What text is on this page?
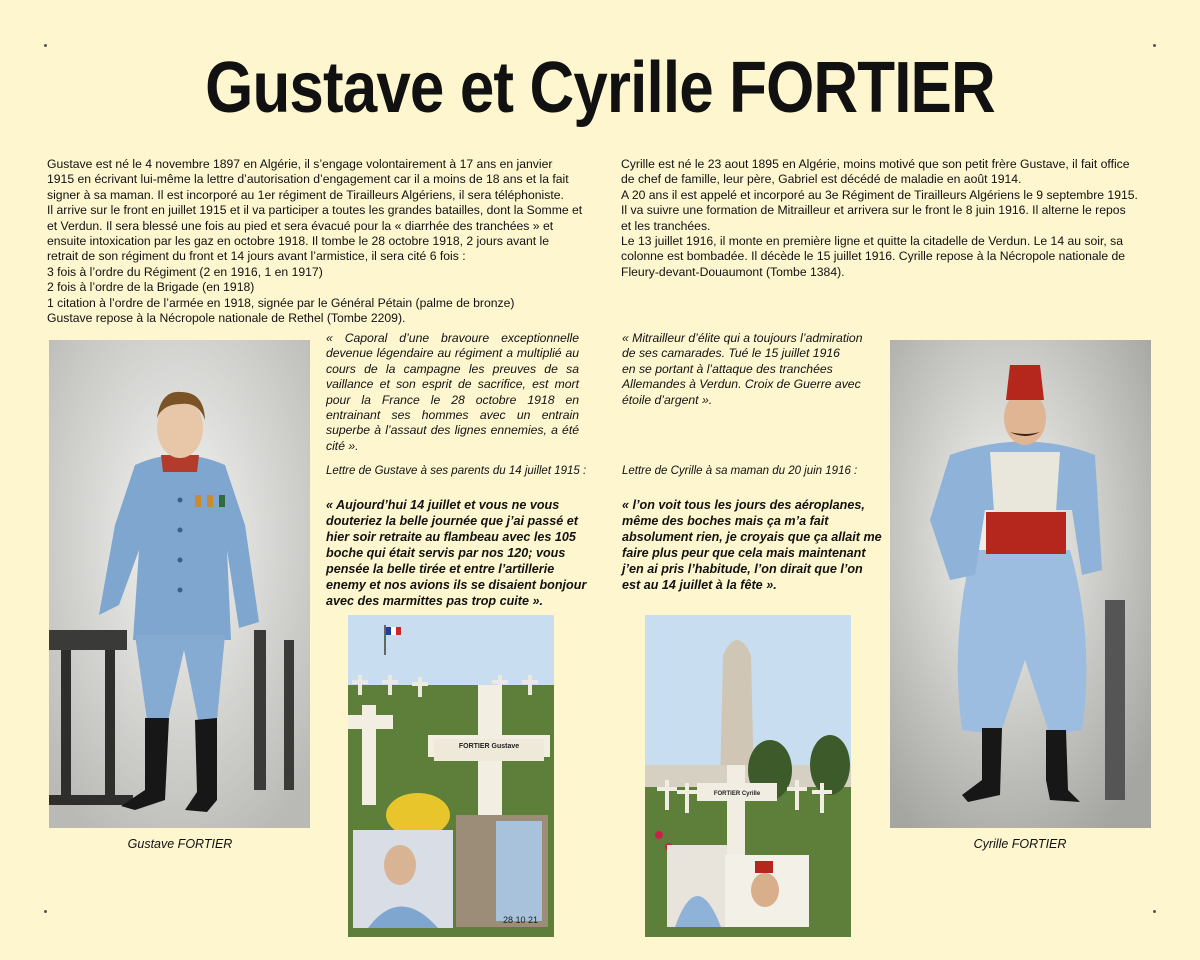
Gustave et Cyrille FORTIER
Gustave est né le 4 novembre 1897 en Algérie, il s’engage volontairement à 17 ans en janvier
1915 en écrivant lui-même la lettre d’autorisation d’engagement car il a moins de 18 ans et la fait
signer à sa maman. Il est incorporé au 1er régiment de Tirailleurs Algériens, il sera téléphoniste.
Il arrive sur le front en juillet 1915 et il va participer a toutes les grandes batailles, dont la Somme et
et Verdun. Il sera blessé une fois au pied et sera évacué pour la « diarrhée des tranchées » et
ensuite intoxication par les gaz en octobre 1918. Il tombe le 28 octobre 1918, 2 jours avant le
retrait de son régiment du front et 14 jours avant l’armistice, il sera cité 6 fois :
3 fois à l’ordre du Régiment (2 en 1916, 1 en 1917)
2 fois à l’ordre de la Brigade (en 1918)
1 citation à l’ordre de l’armée en 1918, signée par le Général Pétain (palme de bronze)
Gustave repose à la Nécropole nationale de Rethel (Tombe 2209).
Cyrille est né le 23 aout 1895 en Algérie, moins motivé que son petit frère Gustave, il fait office
de chef de famille, leur père, Gabriel est décédé de maladie en août 1914.
A 20 ans il est appelé et incorporé au 3e Régiment de Tirailleurs Algériens le 9 septembre 1915.
Il va suivre une formation de Mitrailleur et arrivera sur le front le 8 juin 1916. Il alterne le repos
et les tranchées.
Le 13 juillet 1916, il monte en première ligne et quitte la citadelle de Verdun. Le 14 au soir, sa
colonne est bombadée. Il décède le 15 juillet 1916. Cyrille repose à la Nécropole nationale de
Fleury-devant-Douaumont (Tombe 1384).
« Caporal d’une bravoure exceptionnelle devenue légendaire au régiment a multiplié au cours de la campagne les preuves de sa vaillance et son esprit de sacrifice, est mort pour la France le 28 octobre 1918 en entrainant ses hommes avec un entrain superbe à l’assaut des lignes ennemies, a été cité ».
« Mitrailleur d’élite qui a toujours l’admiration
de ses camarades. Tué le 15 juillet 1916
en se portant à l’attaque des tranchées
Allemandes à Verdun. Croix de Guerre avec
étoile d’argent ».
Lettre de Gustave à ses parents du 14 juillet 1915 :	Lettre de Cyrille à sa maman du 20 juin 1916 :
« Aujourd’hui 14 juillet et vous ne vous
douteriez la belle journée que j’ai passé et
hier soir retraite au flambeau avec les 105
boche qui était servis par nos 120; vous
pensée la belle tirée et entre l’artillerie
enemy et nos avions ils se disaient bonjour
avec des marmittes pas trop cuite ».
« l’on voit tous les jours des aéroplanes,
même des boches mais ça m’a fait
absolument rien, je croyais que ça allait me
faire plus peur que cela mais maintenant
j’en ai pris l’habitude, l’on dirait que l’on
est au 14 juillet à la fête ».
Gustave FORTIER	Cyrille FORTIER
FORTIER Gustave
28 10 21
FORTIER Cyrille
